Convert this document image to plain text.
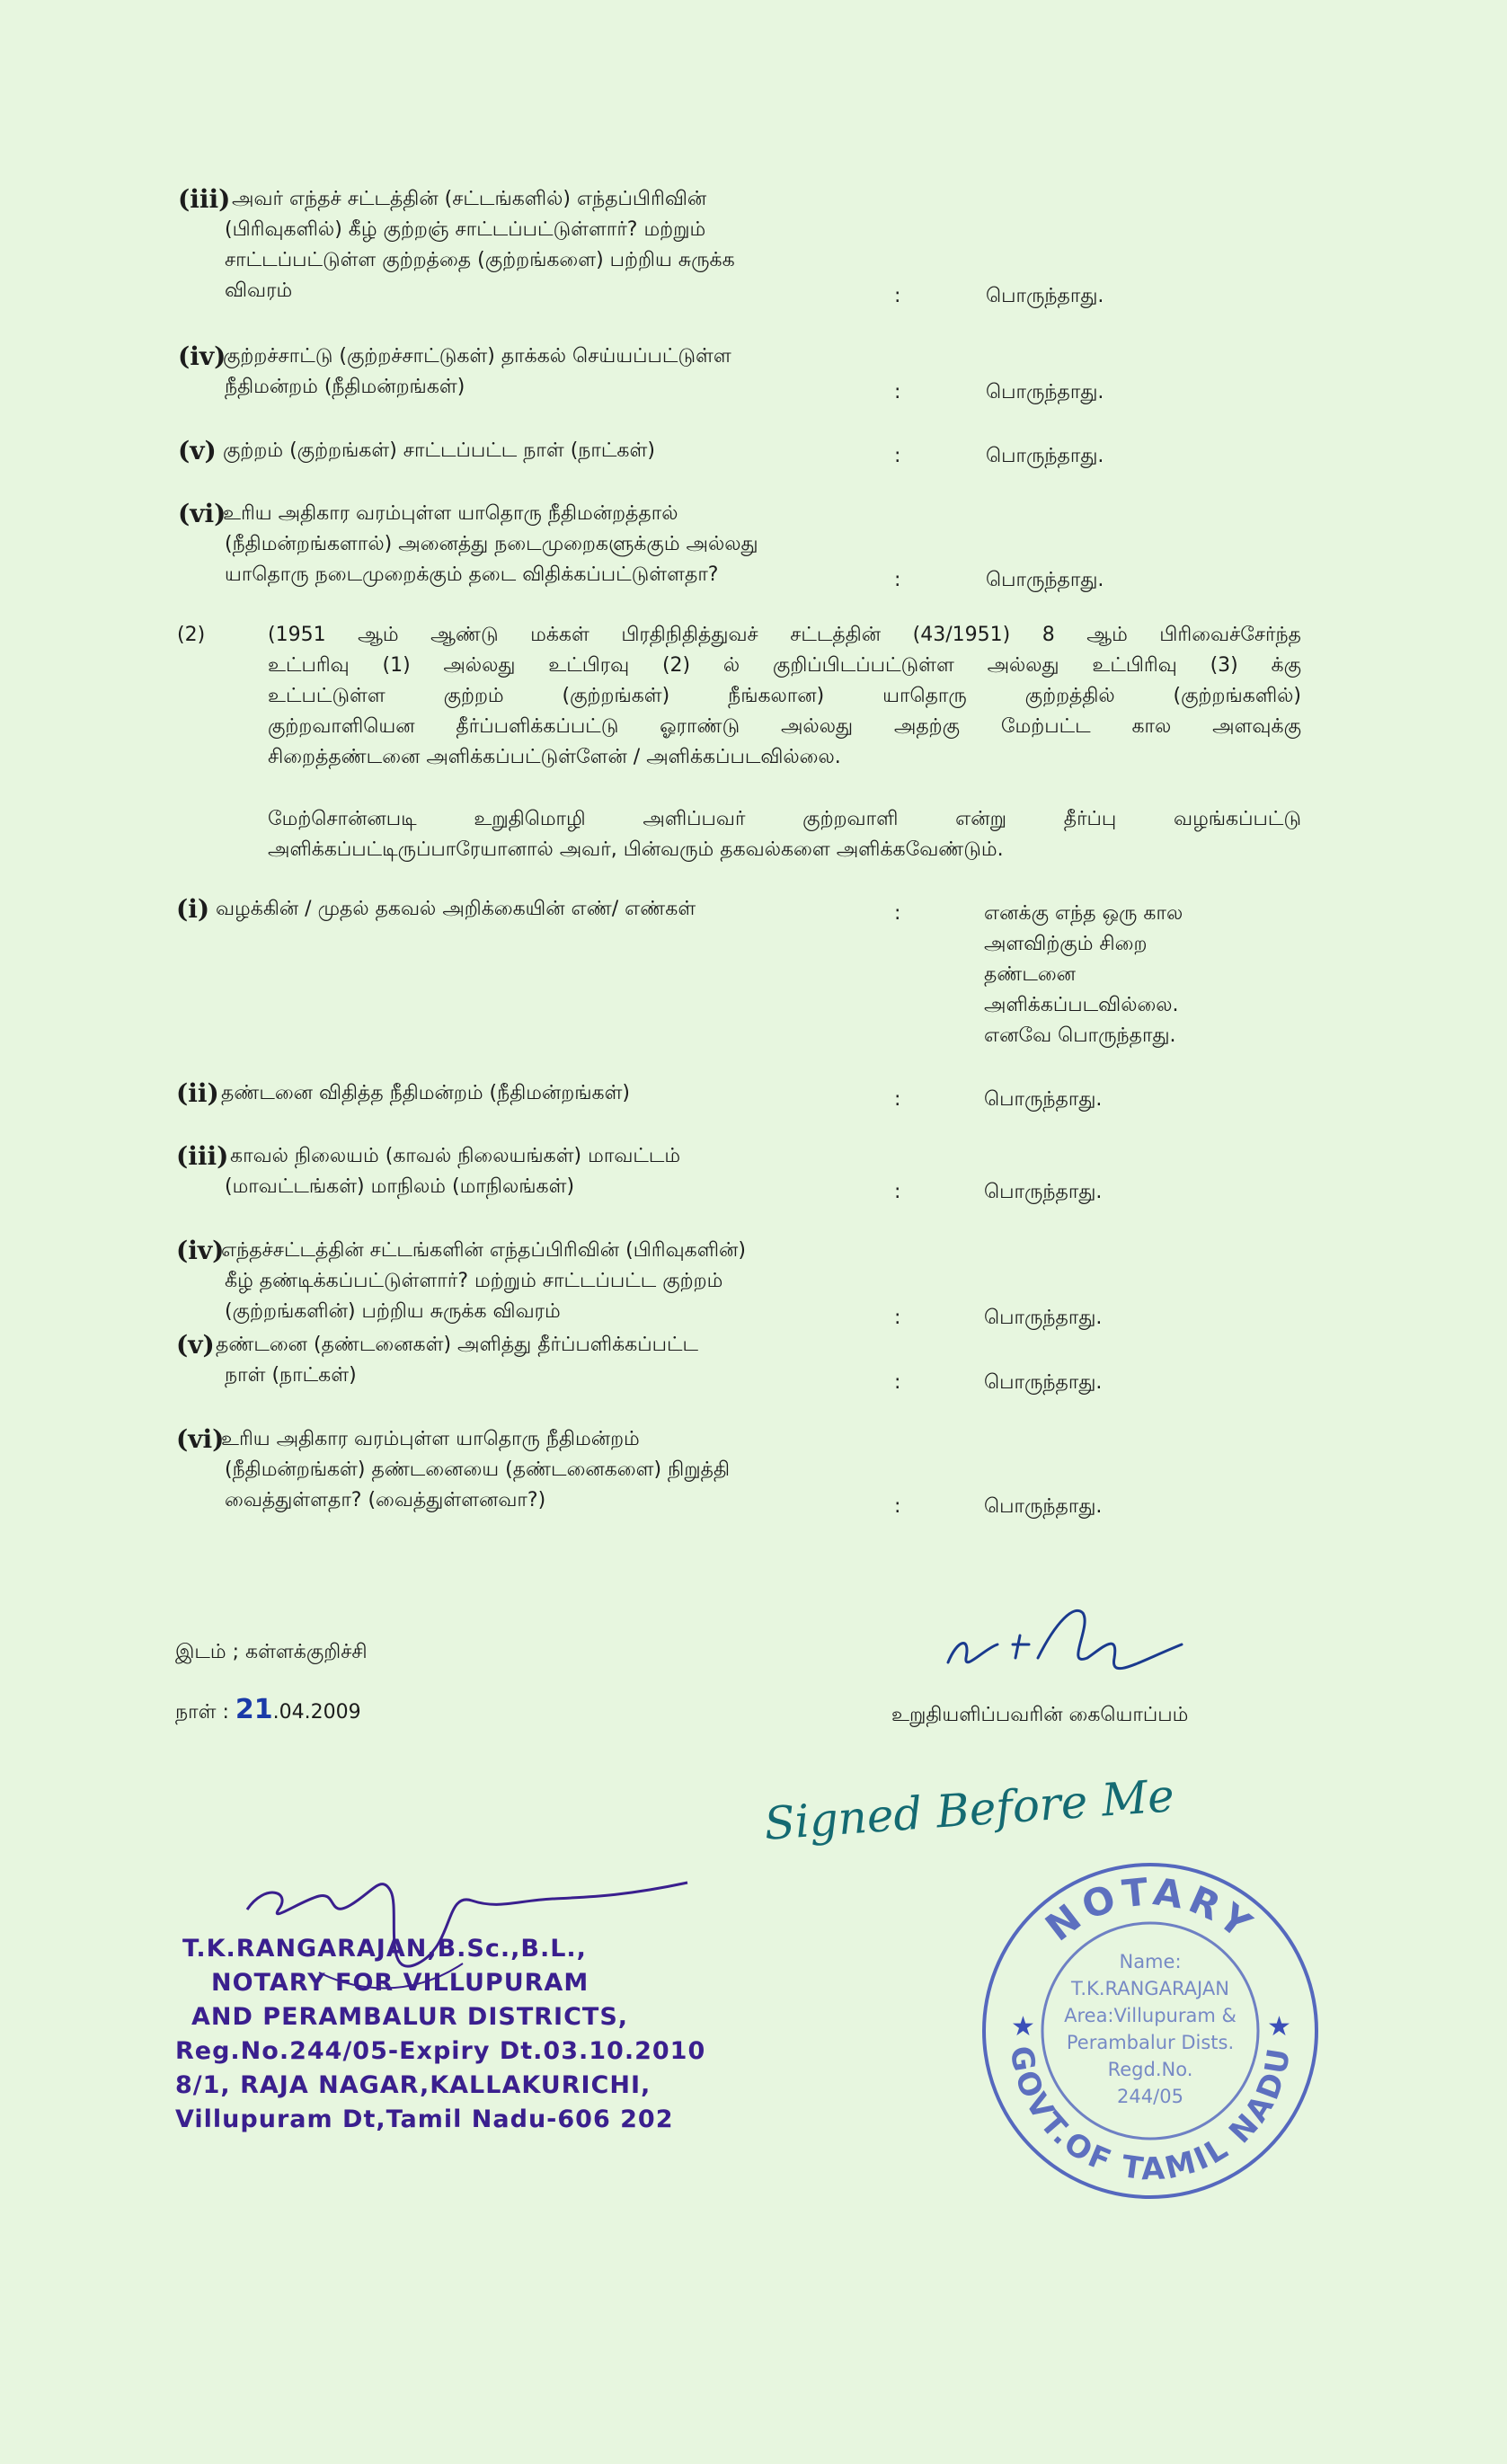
(iii) அவர் எந்தச் சட்டத்தின் (சட்டங்களில்) எந்தப்பிரிவின்
(பிரிவுகளில்) கீழ் குற்றஞ் சாட்டப்பட்டுள்ளார்? மற்றும்
சாட்டப்பட்டுள்ள குற்றத்தை (குற்றங்களை) பற்றிய சுருக்க
விவரம்	:	பொருந்தாது.
(iv)
குற்றச்சாட்டு (குற்றச்சாட்டுகள்) தாக்கல் செய்யப்பட்டுள்ள
நீதிமன்றம் (நீதிமன்றங்கள்)	:	பொருந்தாது.
(v) குற்றம் (குற்றங்கள்) சாட்டப்பட்ட நாள் (நாட்கள்)	:	பொருந்தாது.
(vi)
உரிய அதிகார வரம்புள்ள யாதொரு நீதிமன்றத்தால்
(நீதிமன்றங்களால்) அனைத்து நடைமுறைகளுக்கும் அல்லது
யாதொரு நடைமுறைக்கும் தடை விதிக்கப்பட்டுள்ளதா?	:	பொருந்தாது.
(2)	(1951 ஆம் ஆண்டு மக்கள் பிரதிநிதித்துவச் சட்டத்தின் (43/1951) 8 ஆம் பிரிவைச்சேர்ந்த
உட்பரிவு (1) அல்லது உட்பிரவு (2) ல் குறிப்பிடப்பட்டுள்ள அல்லது உட்பிரிவு (3) க்கு
உட்பட்டுள்ள குற்றம் (குற்றங்கள்) நீங்கலான) யாதொரு குற்றத்தில் (குற்றங்களில்)
குற்றவாளியென தீர்ப்பளிக்கப்பட்டு ஓராண்டு அல்லது அதற்கு மேற்பட்ட கால அளவுக்கு
சிறைத்தண்டனை அளிக்கப்பட்டுள்ளேன் / அளிக்கப்படவில்லை.
மேற்சொன்னபடி உறுதிமொழி அளிப்பவர் குற்றவாளி என்று தீர்ப்பு வழங்கப்பட்டு
அளிக்கப்பட்டிருப்பாரேயானால் அவர், பின்வரும் தகவல்களை அளிக்கவேண்டும்.
(i) வழக்கின் / முதல் தகவல் அறிக்கையின் எண்/ எண்கள்	:	எனக்கு எந்த ஒரு கால
அளவிற்கும் சிறை
தண்டனை
அளிக்கப்படவில்லை.
எனவே பொருந்தாது.
(ii) தண்டனை விதித்த நீதிமன்றம் (நீதிமன்றங்கள்)	:	பொருந்தாது.
(iii) காவல் நிலையம் (காவல் நிலையங்கள்) மாவட்டம்
(மாவட்டங்கள்) மாநிலம் (மாநிலங்கள்)	:	பொருந்தாது.
(iv)
எந்தச்சட்டத்தின் சட்டங்களின் எந்தப்பிரிவின் (பிரிவுகளின்)
கீழ் தண்டிக்கப்பட்டுள்ளார்? மற்றும் சாட்டப்பட்ட குற்றம்
(குற்றங்களின்) பற்றிய சுருக்க விவரம்	:	பொருந்தாது.
(v) தண்டனை (தண்டனைகள்) அளித்து தீர்ப்பளிக்கப்பட்ட
நாள் (நாட்கள்)	:	பொருந்தாது.
(vi)
உரிய அதிகார வரம்புள்ள யாதொரு நீதிமன்றம்
(நீதிமன்றங்கள்) தண்டனையை (தண்டனைகளை) நிறுத்தி
வைத்துள்ளதா? (வைத்துள்ளனவா?)	:	பொருந்தாது.
இடம் ; கள்ளக்குறிச்சி
நாள் : 21.04.2009	உறுதியளிப்பவரின் கையொப்பம்
Signed Before Me
T.K.RANGARAJAN,B.Sc.,B.L.,
NOTARY FOR VILLUPURAM
AND PERAMBALUR DISTRICTS,
Reg.No.244/05-Expiry Dt.03.10.2010
8/1, RAJA NAGAR,KALLAKURICHI,
Villupuram Dt,Tamil Nadu-606 202
NOTARY
GOVT.OF TAMIL NADU
★	★
Name:
T.K.RANGARAJAN
Area:Villupuram &
Perambalur Dists.
Regd.No.
244/05
